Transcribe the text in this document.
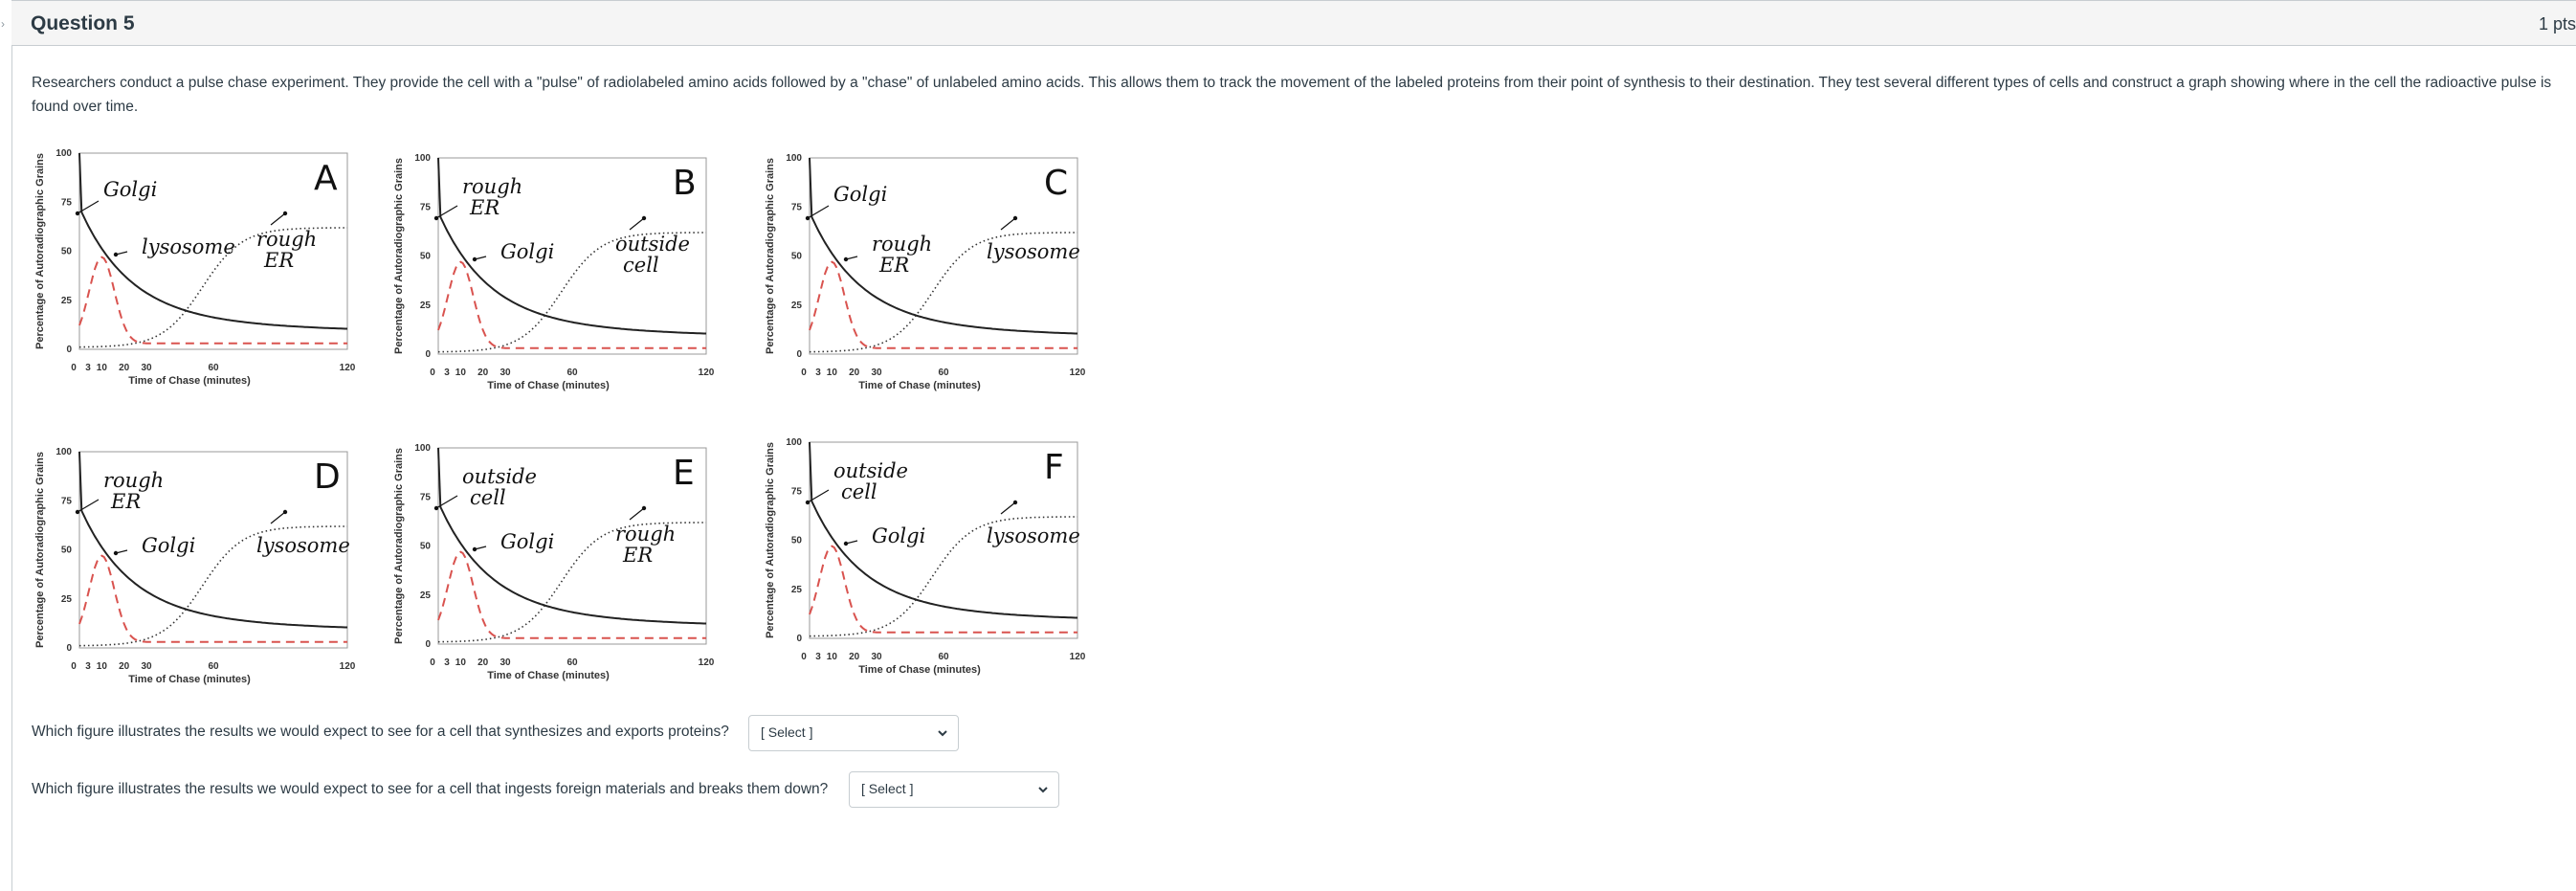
› Question 5	1 pts
Researchers conduct a pulse chase experiment. They provide the cell with a "pulse" of radiolabeled amino acids followed by a "chase" of unlabeled amino acids. This allows them to track the movement of the labeled proteins from their point of synthesis to their destination. They test several different types of cells and construct a graph showing where in the cell the radioactive pulse is found over time.
Percentage of Autoradiographic Grains
0
25
50
75
100
0 3 10 20 30	60	120
Time of Chase (minutes)
A
Golgi
lysosome rough
ER	Percentage of Autoradiographic Grains
0
25
50
75
100
0 3 10 20 30	60	120
Time of Chase (minutes)
B
rough
ER
Golgi	outside
cell	Percentage of Autoradiographic Grains
0
25
50
75
100
0 3 10 20 30	60	120
Time of Chase (minutes)
C
Golgi
rough
ER
lysosome
Percentage of Autoradiographic Grains
0
25
50
75
100
0 3 10 20 30	60	120
Time of Chase (minutes)
D
rough
ER
Golgi	lysosome	Percentage of Autoradiographic Grains
0
25
50
75
100
0 3 10 20 30	60	120
Time of Chase (minutes)
E
outside
cell
Golgi	rough
ER	Percentage of Autoradiographic Grains
0
25
50
75
100
0 3 10 20 30	60	120
Time of Chase (minutes)
F
outside
cell
Golgi	lysosome
Which figure illustrates the results we would expect to see for a cell that synthesizes and exports proteins? [ Select ]
Which figure illustrates the results we would expect to see for a cell that ingests foreign materials and breaks them down? [ Select ]
